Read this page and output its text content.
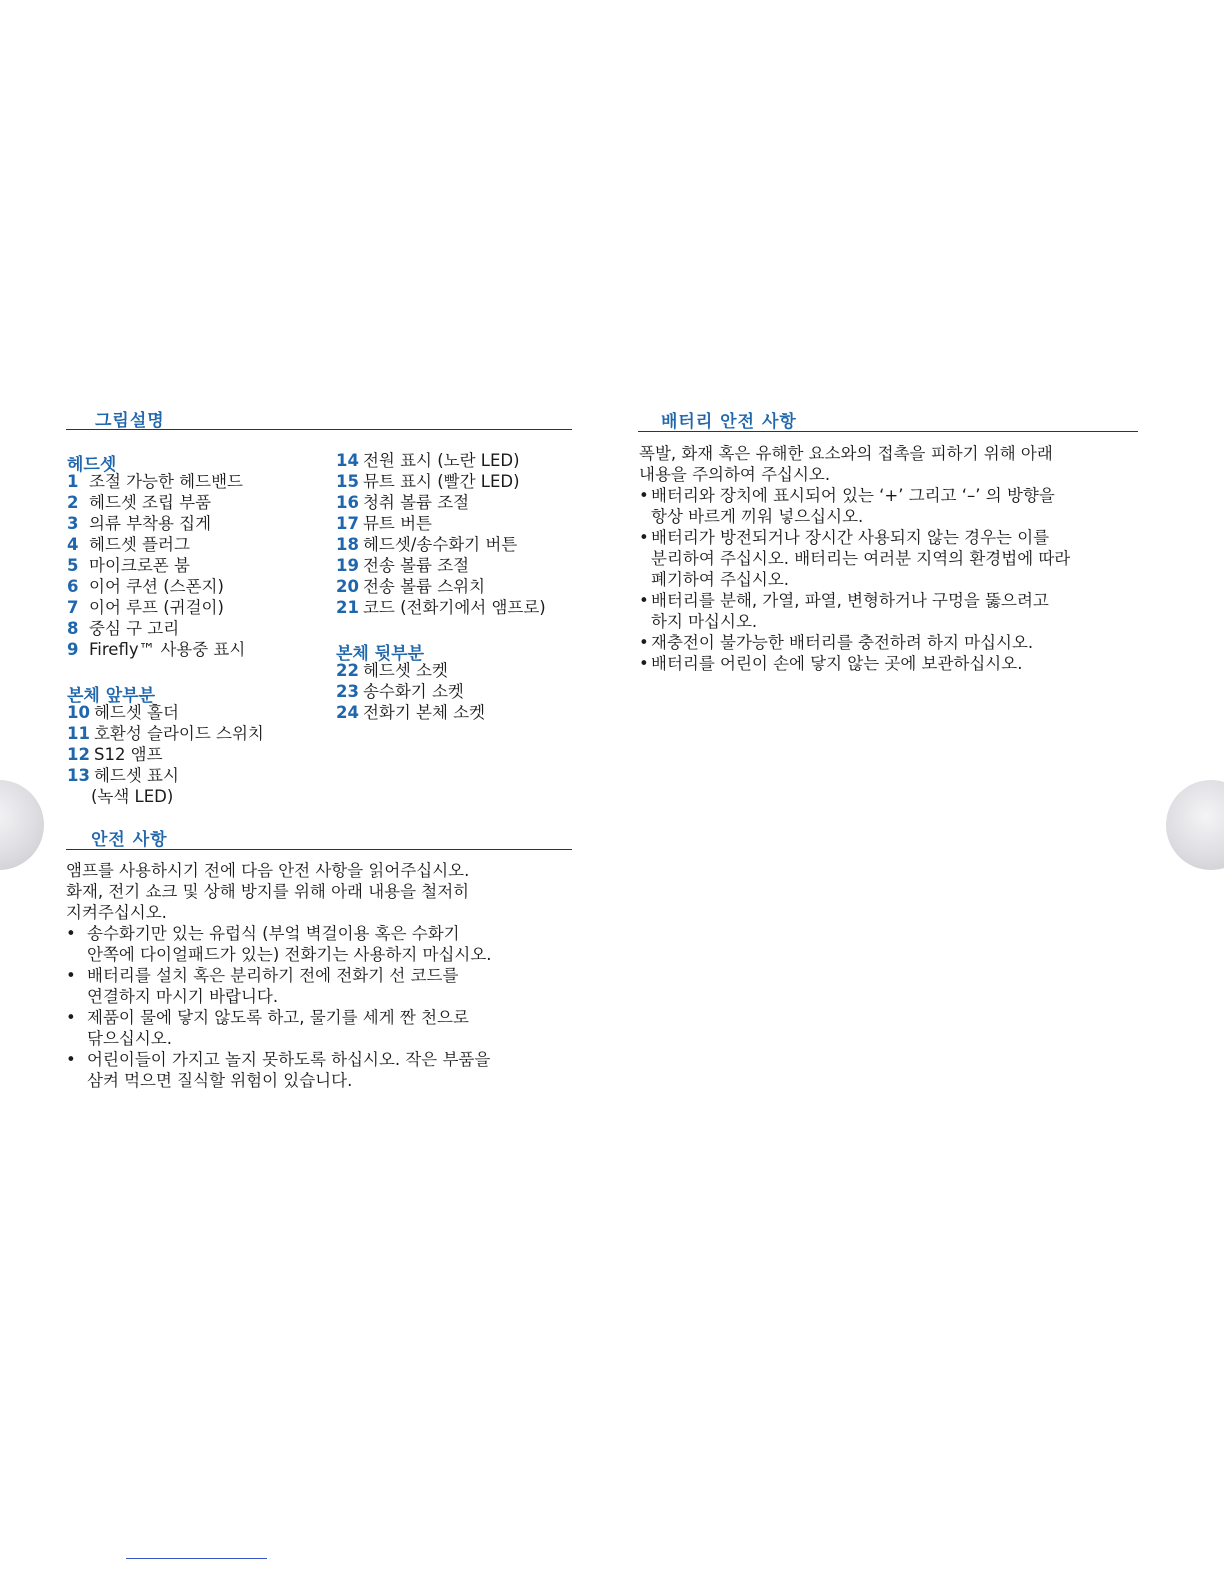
그림설명
헤드셋
1 조절 가능한 헤드밴드
2 헤드셋 조립 부품
3 의류 부착용 집게
4 헤드셋 플러그
5 마이크로폰 붐
6 이어 쿠션 (스폰지)
7 이어 루프 (귀걸이)
8 중심 구 고리
9 Firefly™ 사용중 표시
본체 앞부분
10 헤드셋 홀더
11 호환성 슬라이드 스위치
12 S12 앰프
13 헤드셋 표시
(녹색 LED)
14 전원 표시 (노란 LED)
15 뮤트 표시 (빨간 LED)
16 청취 볼륨 조절
17 뮤트 버튼
18 헤드셋/송수화기 버튼
19 전송 볼륨 조절
20 전송 볼륨 스위치
21 코드 (전화기에서 앰프로)
본체 뒷부분
22 헤드셋 소켓
23 송수화기 소켓
24 전화기 본체 소켓
안전 사항
앰프를 사용하시기 전에 다음 안전 사항을 읽어주십시오.
화재, 전기 쇼크 및 상해 방지를 위해 아래 내용을 철저히
지켜주십시오.
• 송수화기만 있는 유럽식 (부엌 벽걸이용 혹은 수화기
안쪽에 다이얼패드가 있는) 전화기는 사용하지 마십시오.
• 배터리를 설치 혹은 분리하기 전에 전화기 선 코드를
연결하지 마시기 바랍니다.
• 제품이 물에 닿지 않도록 하고, 물기를 세게 짠 천으로
닦으십시오.
• 어린이들이 가지고 놀지 못하도록 하십시오. 작은 부품을
삼켜 먹으면 질식할 위험이 있습니다.
배터리 안전 사항
폭발, 화재 혹은 유해한 요소와의 접촉을 피하기 위해 아래
내용을 주의하여 주십시오.
• 배터리와 장치에 표시되어 있는 ‘+’ 그리고 ‘–’ 의 방향을
항상 바르게 끼워 넣으십시오.
• 배터리가 방전되거나 장시간 사용되지 않는 경우는 이를
분리하여 주십시오. 배터리는 여러분 지역의 환경법에 따라
폐기하여 주십시오.
• 배터리를 분해, 가열, 파열, 변형하거나 구멍을 뚫으려고
하지 마십시오.
• 재충전이 불가능한 배터리를 충전하려 하지 마십시오.
• 배터리를 어린이 손에 닿지 않는 곳에 보관하십시오.
